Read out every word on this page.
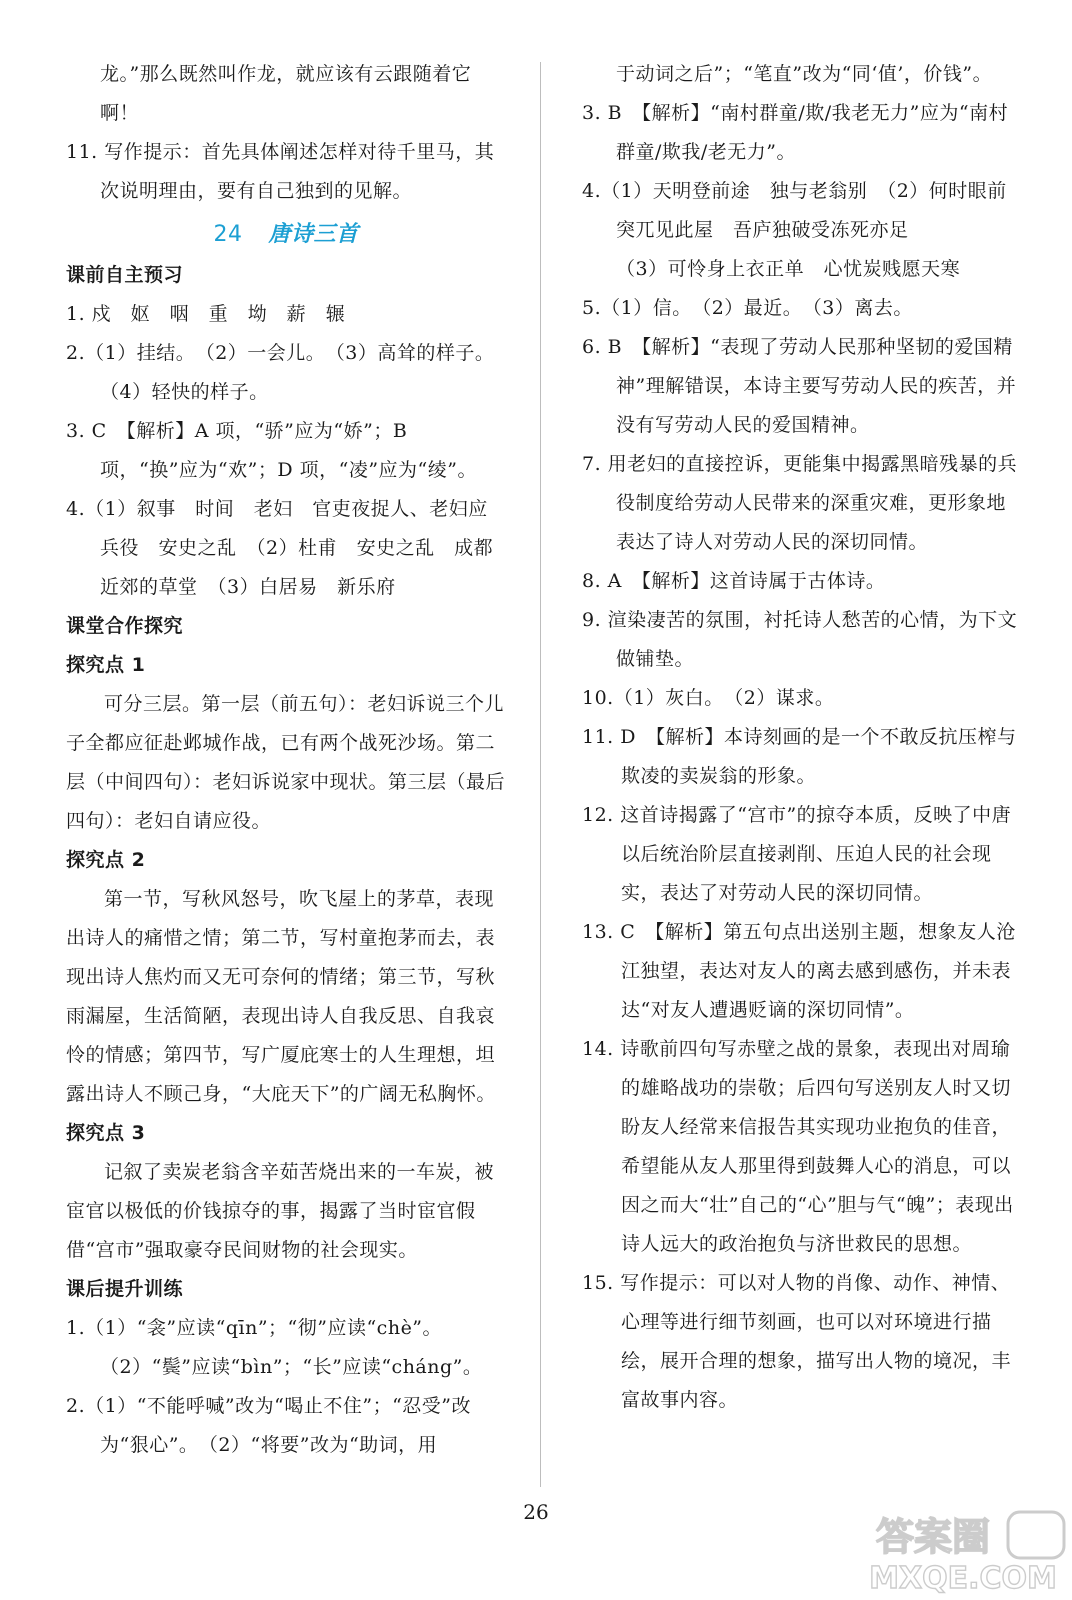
龙。”那么既然叫作龙，就应该有云跟随着它啊！

11. 写作提示：首先具体阐述怎样对待千里马，其次说明理由，要有自己独到的见解。

24 唐诗三首

课前自主预习

1. 戍　妪　咽　重　坳　薪　辗

2.（1）挂结。　（2）一会儿。　（3）高耸的样子。　（4）轻快的样子。

3. C　【解析】A 项，“骄”应为“娇”；B 项，“换”应为“欢”；D 项，“凌”应为“绫”。

4.（1）叙事　时间　老妇　官吏夜捉人、老妇应兵役　安史之乱　（2）杜甫　安史之乱　成都近郊的草堂　（3）白居易　新乐府

课堂合作探究

探究点 1

可分三层。第一层（前五句）：老妇诉说三个儿子全都应征赴邺城作战，已有两个战死沙场。第二层（中间四句）：老妇诉说家中现状。第三层（最后四句）：老妇自请应役。

探究点 2

第一节，写秋风怒号，吹飞屋上的茅草，表现出诗人的痛惜之情；第二节，写村童抱茅而去，表现出诗人焦灼而又无可奈何的情绪；第三节，写秋雨漏屋，生活简陋，表现出诗人自我反思、自我哀怜的情感；第四节，写广厦庇寒士的人生理想，坦露出诗人不顾己身，“大庇天下”的广阔无私胸怀。

探究点 3

记叙了卖炭老翁含辛茹苦烧出来的一车炭，被宦官以极低的价钱掠夺的事，揭露了当时宦官假借“宫市”强取豪夺民间财物的社会现实。

课后提升训练

1.（1）“衾”应读“qīn”；“彻”应读“chè”。

（2）“鬓”应读“bìn”；“长”应读“cháng”。

2.（1）“不能呼喊”改为“喝止不住”；“忍受”改为“狠心”。　（2）“将要”改为“助词，用

于动词之后”；“笔直”改为“同‘值’，价钱”。

3. B　【解析】“南村群童/欺/我老无力”应为“南村群童/欺我/老无力”。

4.（1）天明登前途　独与老翁别　（2）何时眼前突兀见此屋　吾庐独破受冻死亦足

（3）可怜身上衣正单　心忧炭贱愿天寒

5.（1）信。　（2）最近。　（3）离去。

6. B　【解析】“表现了劳动人民那种坚韧的爱国精神”理解错误，本诗主要写劳动人民的疾苦，并没有写劳动人民的爱国精神。

7. 用老妇的直接控诉，更能集中揭露黑暗残暴的兵役制度给劳动人民带来的深重灾难，更形象地表达了诗人对劳动人民的深切同情。

8. A　【解析】这首诗属于古体诗。

9. 渲染凄苦的氛围，衬托诗人愁苦的心情，为下文做铺垫。

10.（1）灰白。　（2）谋求。

11. D　【解析】本诗刻画的是一个不敢反抗压榨与欺凌的卖炭翁的形象。

12. 这首诗揭露了“宫市”的掠夺本质，反映了中唐以后统治阶层直接剥削、压迫人民的社会现实，表达了对劳动人民的深切同情。

13. C　【解析】第五句点出送别主题，想象友人沧江独望，表达对友人的离去感到感伤，并未表达“对友人遭遇贬谪的深切同情”。

14. 诗歌前四句写赤壁之战的景象，表现出对周瑜的雄略战功的崇敬；后四句写送别友人时又切盼友人经常来信报告其实现功业抱负的佳音，希望能从友人那里得到鼓舞人心的消息，可以因之而大“壮”自己的“心”胆与气“魄”；表现出诗人远大的政治抱负与济世救民的思想。

15. 写作提示：可以对人物的肖像、动作、神情、心理等进行细节刻画，也可以对环境进行描绘，展开合理的想象，描写出人物的境况，丰富故事内容。

26
答案圈
MXQE.COM
